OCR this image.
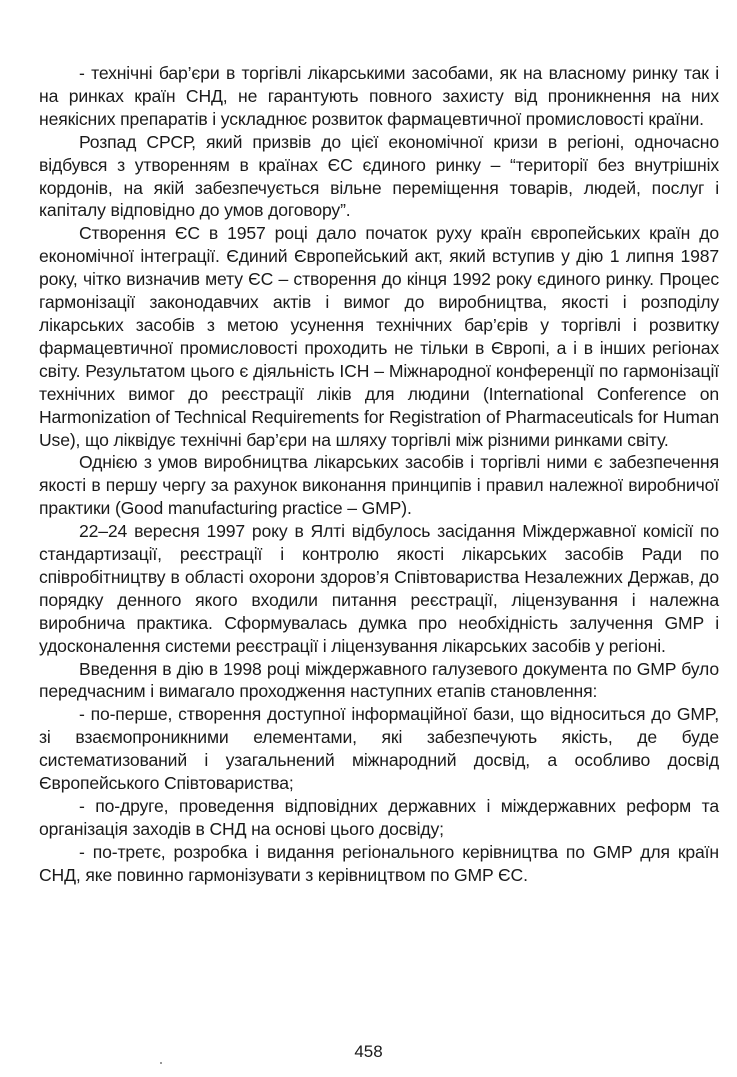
- технічні бар’єри в торгівлі лікарськими засобами, як на власному ринку так і на ринках країн СНД, не гарантують повного захисту від проникнення на них неякісних препаратів і ускладнює розвиток фармацевтичної промисловості країни.

Розпад СРСР, який призвів до цієї економічної кризи в регіоні, одночасно відбувся з утворенням в країнах ЄС єдиного ринку – “території без внутрішніх кордонів, на якій забезпечується вільне переміщення товарів, людей, послуг і капіталу відповідно до умов договору”.

Створення ЄС в 1957 році дало початок руху країн європейських країн до економічної інтеграції. Єдиний Європейський акт, який вступив у дію 1 липня 1987 року, чітко визначив мету ЄС – створення до кінця 1992 року єдиного ринку. Процес гармонізації законодавчих актів і вимог до виробництва, якості і розподілу лікарських засобів з метою усунення технічних бар’єрів у торгівлі і розвитку фармацевтичної промисловості проходить не тільки в Європі, а і в інших регіонах світу. Результатом цього є діяльність ICH – Міжнародної конференції по гармонізації технічних вимог до реєстрації ліків для людини (International Conference on Harmonization of Technical Requirements for Registration of Pharmaceuticals for Human Use), що ліквідує технічні бар’єри на шляху торгівлі між різними ринками світу.

Однією з умов виробництва лікарських засобів і торгівлі ними є забезпечення якості в першу чергу за рахунок виконання принципів і правил належної виробничої практики (Good manufacturing practice – GMP).

22–24 вересня 1997 року в Ялті відбулось засідання Міждержавної комісії по стандартизації, реєстрації і контролю якості лікарських засобів Ради по співробітництву в області охорони здоров’я Співтовариства Незалежних Держав, до порядку денного якого входили питання реєстрації, ліцензування і належна виробнича практика. Сформувалась думка про необхідність залучення GMP і удосконалення системи реєстрації і ліцензування лікарських засобів у регіоні.

Введення в дію в 1998 році міждержавного галузевого документа по GMP було передчасним і вимагало проходження наступних етапів становлення:

- по-перше, створення доступної інформаційної бази, що відноситься до GMP, зі взаємопроникними елементами, які забезпечують якість, де буде систематизований і узагальнений міжнародний досвід, а особливо досвід Європейського Співтовариства;

- по-друге, проведення відповідних державних і міждержавних реформ та організація заходів в СНД на основі цього досвіду;

- по-третє, розробка і видання регіонального керівництва по GMP для країн СНД, яке повинно гармонізувати з керівництвом по GMP ЄС.

458
